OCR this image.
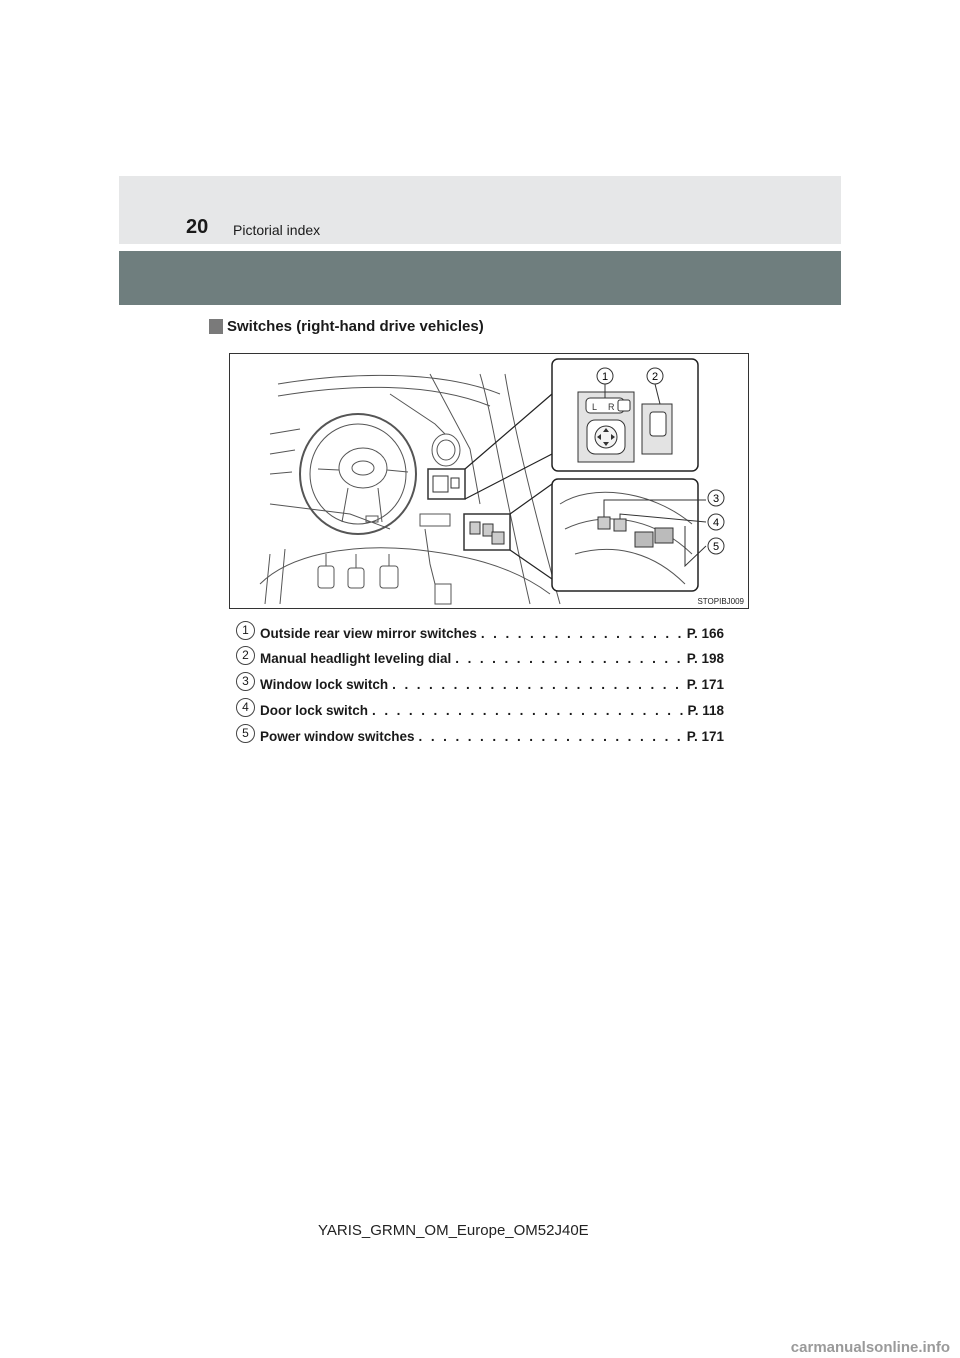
20 Pictorial index
Switches (right-hand drive vehicles)
L R
1	2
3
4
5
STOPIBJ009
1 Outside rear view mirror switches . . .	P. 166
2 Manual headlight leveling dial . . .	P. 198
3 Window lock switch . . .	P. 171
4 Door lock switch . . .	P. 118
5 Power window switches . . .	P. 171
YARIS_GRMN_OM_Europe_OM52J40E
carmanualsonline.info
